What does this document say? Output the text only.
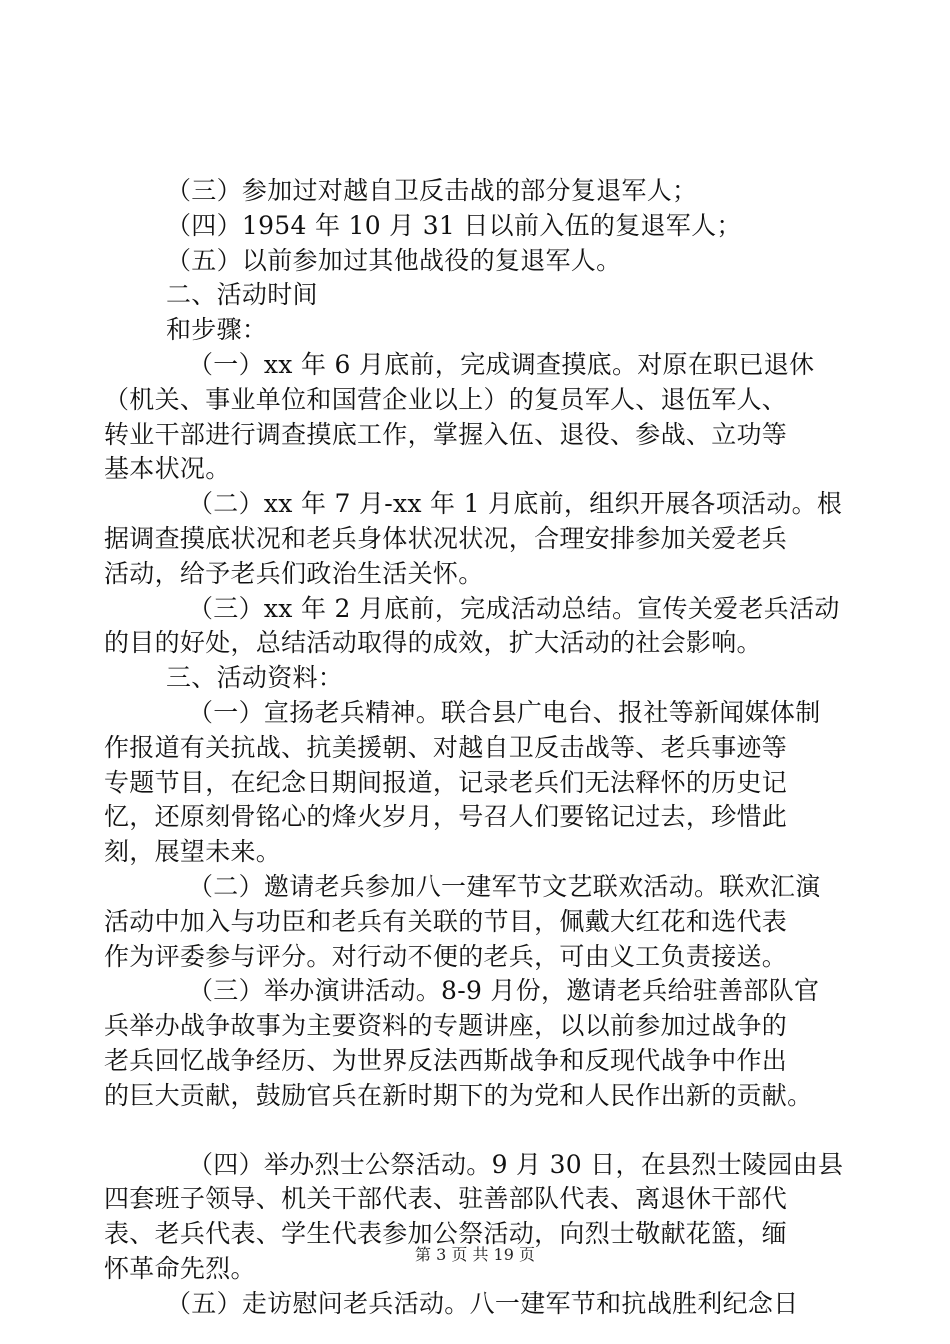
（三）参加过对越自卫反击战的部分复退军人；
（四）1954 年 10 月 31 日以前入伍的复退军人；
（五）以前参加过其他战役的复退军人。
二、活动时间
和步骤：
（一）xx 年 6 月底前，完成调查摸底。对原在职已退休
（机关、事业单位和国营企业以上）的复员军人、退伍军人、
转业干部进行调查摸底工作，掌握入伍、退役、参战、立功等
基本状况。
（二）xx 年 7 月-xx 年 1 月底前，组织开展各项活动。根
据调查摸底状况和老兵身体状况状况，合理安排参加关爱老兵
活动，给予老兵们政治生活关怀。
（三）xx 年 2 月底前，完成活动总结。宣传关爱老兵活动
的目的好处，总结活动取得的成效，扩大活动的社会影响。
三、活动资料：
（一）宣扬老兵精神。联合县广电台、报社等新闻媒体制
作报道有关抗战、抗美援朝、对越自卫反击战等、老兵事迹等
专题节目，在纪念日期间报道，记录老兵们无法释怀的历史记
忆，还原刻骨铭心的烽火岁月，号召人们要铭记过去，珍惜此
刻，展望未来。
（二）邀请老兵参加八一建军节文艺联欢活动。联欢汇演
活动中加入与功臣和老兵有关联的节目，佩戴大红花和选代表
作为评委参与评分。对行动不便的老兵，可由义工负责接送。
（三）举办演讲活动。8-9 月份，邀请老兵给驻善部队官
兵举办战争故事为主要资料的专题讲座，以以前参加过战争的
老兵回忆战争经历、为世界反法西斯战争和反现代战争中作出
的巨大贡献，鼓励官兵在新时期下的为党和人民作出新的贡献。
（四）举办烈士公祭活动。9 月 30 日，在县烈士陵园由县
四套班子领导、机关干部代表、驻善部队代表、离退休干部代
表、老兵代表、学生代表参加公祭活动，向烈士敬献花篮，缅
怀革命先烈。
（五）走访慰问老兵活动。八一建军节和抗战胜利纪念日
第 3 页 共 19 页
